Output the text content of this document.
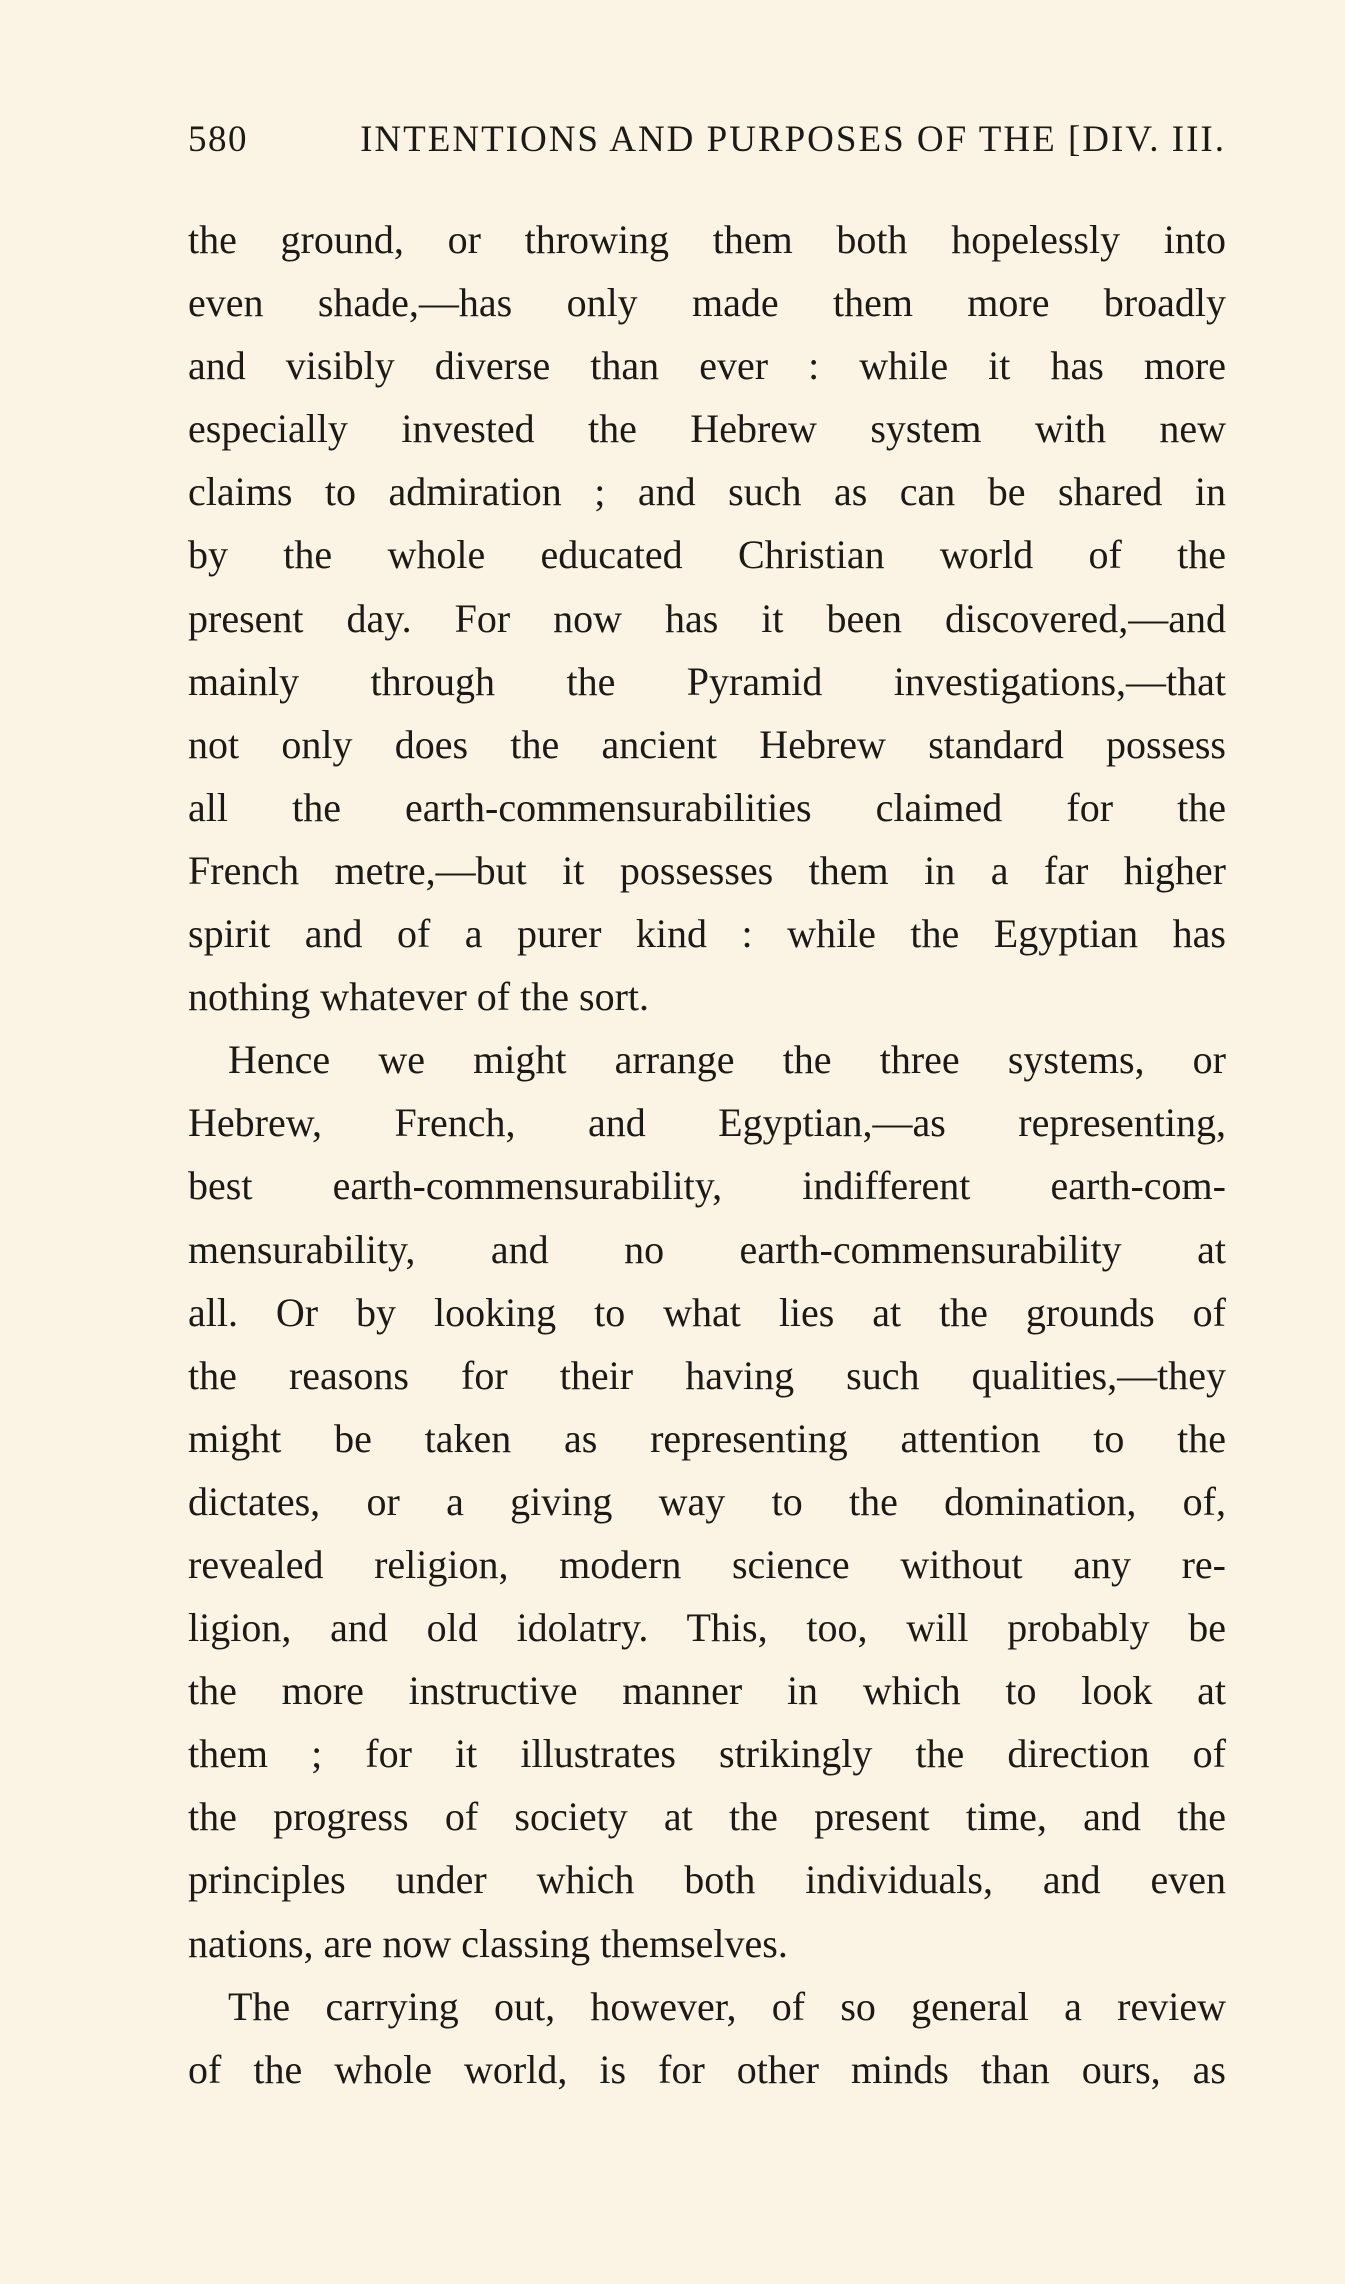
580	INTENTIONS AND PURPOSES OF THE [DIV. III.
the ground, or throwing them both hopelessly into
even shade,—has only made them more broadly
and visibly diverse than ever : while it has more
especially invested the Hebrew system with new
claims to admiration ; and such as can be shared in
by the whole educated Christian world of the
present day. For now has it been discovered,—and
mainly through the Pyramid investigations,—that
not only does the ancient Hebrew standard possess
all the earth-commensurabilities claimed for the
French metre,—but it possesses them in a far higher
spirit and of a purer kind : while the Egyptian has
nothing whatever of the sort.
Hence we might arrange the three systems, or
Hebrew, French, and Egyptian,—as representing,
best earth-commensurability, indifferent earth-com-
mensurability, and no earth-commensurability at
all. Or by looking to what lies at the grounds of
the reasons for their having such qualities,—they
might be taken as representing attention to the
dictates, or a giving way to the domination, of,
revealed religion, modern science without any re-
ligion, and old idolatry. This, too, will probably be
the more instructive manner in which to look at
them ; for it illustrates strikingly the direction of
the progress of society at the present time, and the
principles under which both individuals, and even
nations, are now classing themselves.
The carrying out, however, of so general a review
of the whole world, is for other minds than ours, as
